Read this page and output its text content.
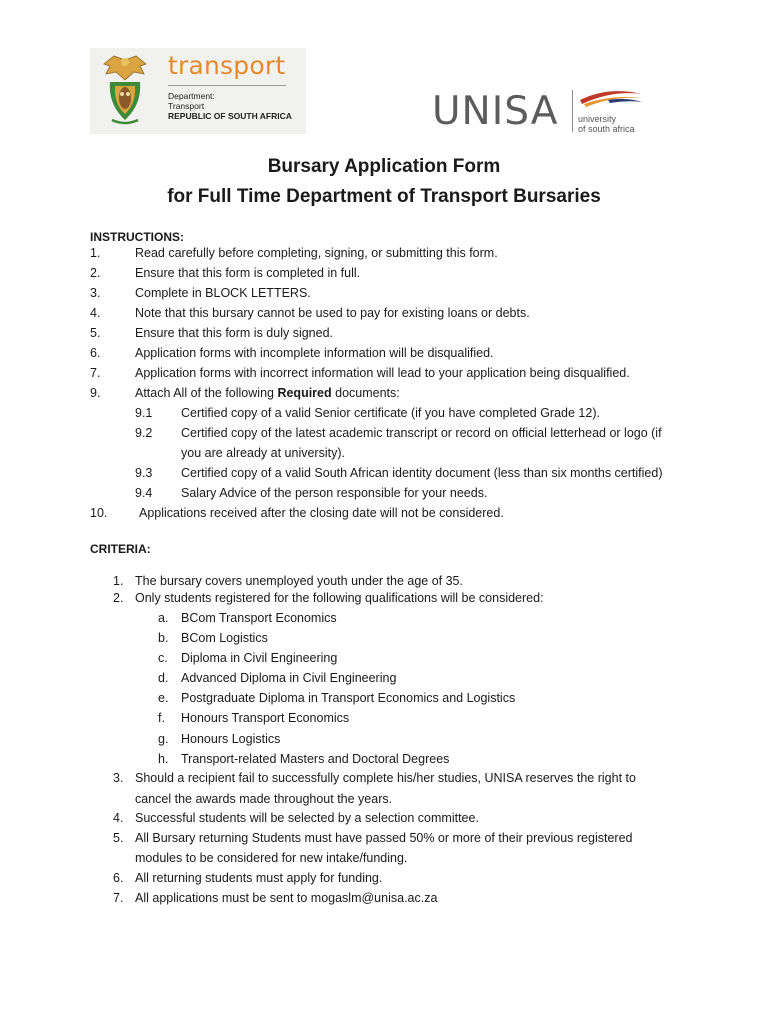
transport
Department:
Transport
REPUBLIC OF SOUTH AFRICA	UNISA university
of south africa
Bursary Application Form
for Full Time Department of Transport Bursaries
INSTRUCTIONS:
1.	Read carefully before completing, signing, or submitting this form.
2.	Ensure that this form is completed in full.
3.	Complete in BLOCK LETTERS.
4.	Note that this bursary cannot be used to pay for existing loans or debts.
5.	Ensure that this form is duly signed.
6.	Application forms with incomplete information will be disqualified.
7.	Application forms with incorrect information will lead to your application being disqualified.
9.	Attach All of the following Required documents:
9.1 Certified copy of a valid Senior certificate (if you have completed Grade 12).
9.2 Certified copy of the latest academic transcript or record on official letterhead or logo (if
you are already at university).
9.3 Certified copy of a valid South African identity document (less than six months certified)
9.4 Salary Advice of the person responsible for your needs.
10.	Applications received after the closing date will not be considered.
CRITERIA:
1. The bursary covers unemployed youth under the age of 35.
2. Only students registered for the following qualifications will be considered:
a. BCom Transport Economics
b. BCom Logistics
c. Diploma in Civil Engineering
d. Advanced Diploma in Civil Engineering
e. Postgraduate Diploma in Transport Economics and Logistics
f. Honours Transport Economics
g. Honours Logistics
h. Transport-related Masters and Doctoral Degrees
3. Should a recipient fail to successfully complete his/her studies, UNISA reserves the right to
cancel the awards made throughout the years.
4. Successful students will be selected by a selection committee.
5. All Bursary returning Students must have passed 50% or more of their previous registered
modules to be considered for new intake/funding.
6. All returning students must apply for funding.
7. All applications must be sent to mogaslm@unisa.ac.za
